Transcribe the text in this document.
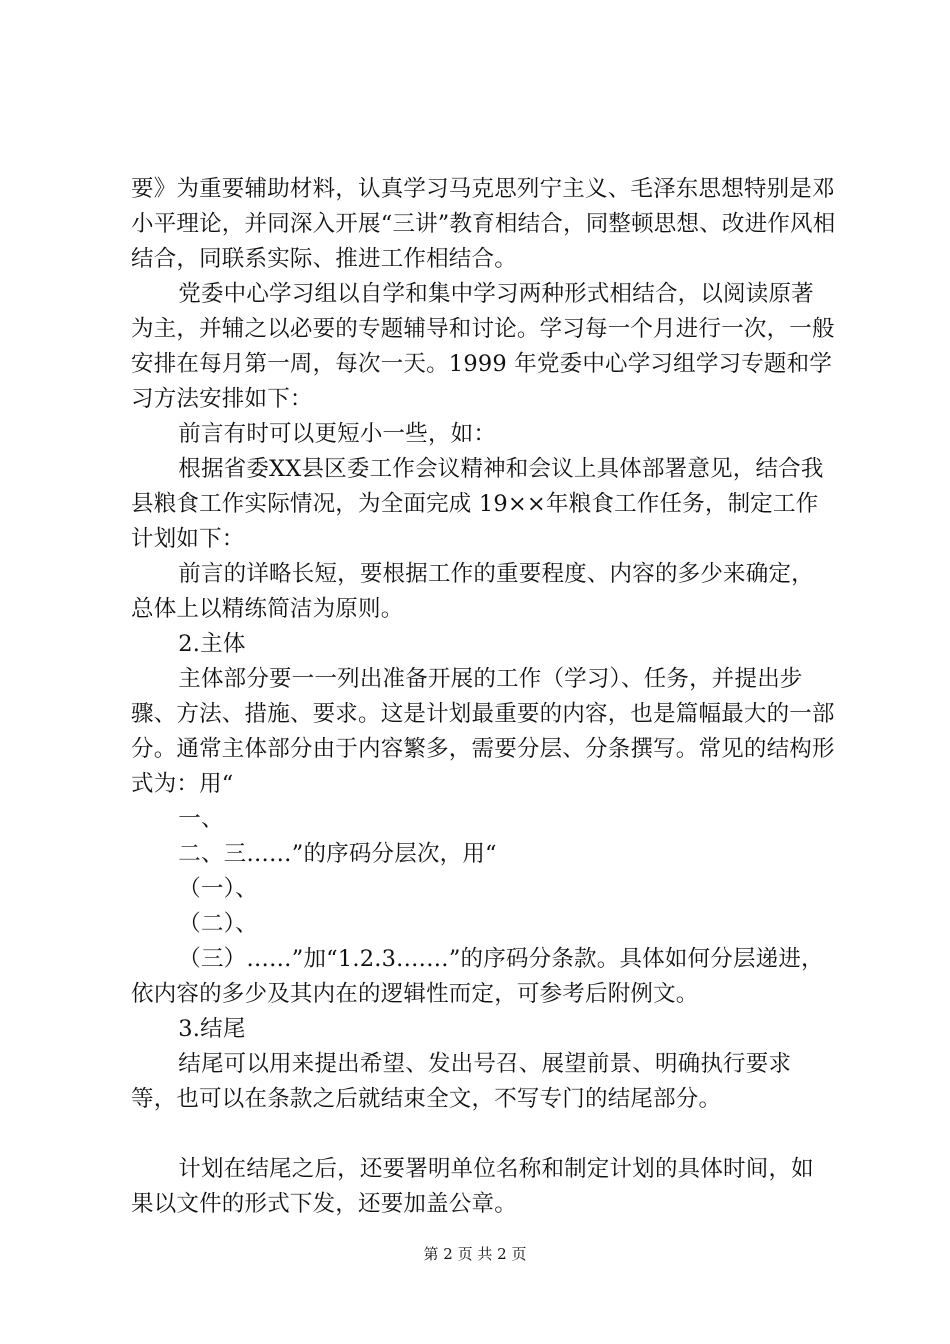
要》为重要辅助材料，认真学习马克思列宁主义、毛泽东思想特别是邓小平理论，并同深入开展“三讲”教育相结合，同整顿思想、改进作风相结合，同联系实际、推进工作相结合。

党委中心学习组以自学和集中学习两种形式相结合，以阅读原著为主，并辅之以必要的专题辅导和讨论。学习每一个月进行一次，一般安排在每月第一周，每次一天。1999 年党委中心学习组学习专题和学习方法安排如下：

前言有时可以更短小一些，如：

根据省委XX县区委工作会议精神和会议上具体部署意见，结合我县粮食工作实际情况，为全面完成 19××年粮食工作任务，制定工作计划如下：

前言的详略长短，要根据工作的重要程度、内容的多少来确定，总体上以精练简洁为原则。

2.主体

主体部分要一一列出准备开展的工作（学习）、任务，并提出步骤、方法、措施、要求。这是计划最重要的内容，也是篇幅最大的一部分。通常主体部分由于内容繁多，需要分层、分条撰写。常见的结构形式为：用“

一、

二、三……”的序码分层次，用“

（一）、

（二）、

（三）……”加“1.2.3.……”的序码分条款。具体如何分层递进，依内容的多少及其内在的逻辑性而定，可参考后附例文。

3.结尾

结尾可以用来提出希望、发出号召、展望前景、明确执行要求等，也可以在条款之后就结束全文，不写专门的结尾部分。

计划在结尾之后，还要署明单位名称和制定计划的具体时间，如果以文件的形式下发，还要加盖公章。

第 2 页 共 2 页
